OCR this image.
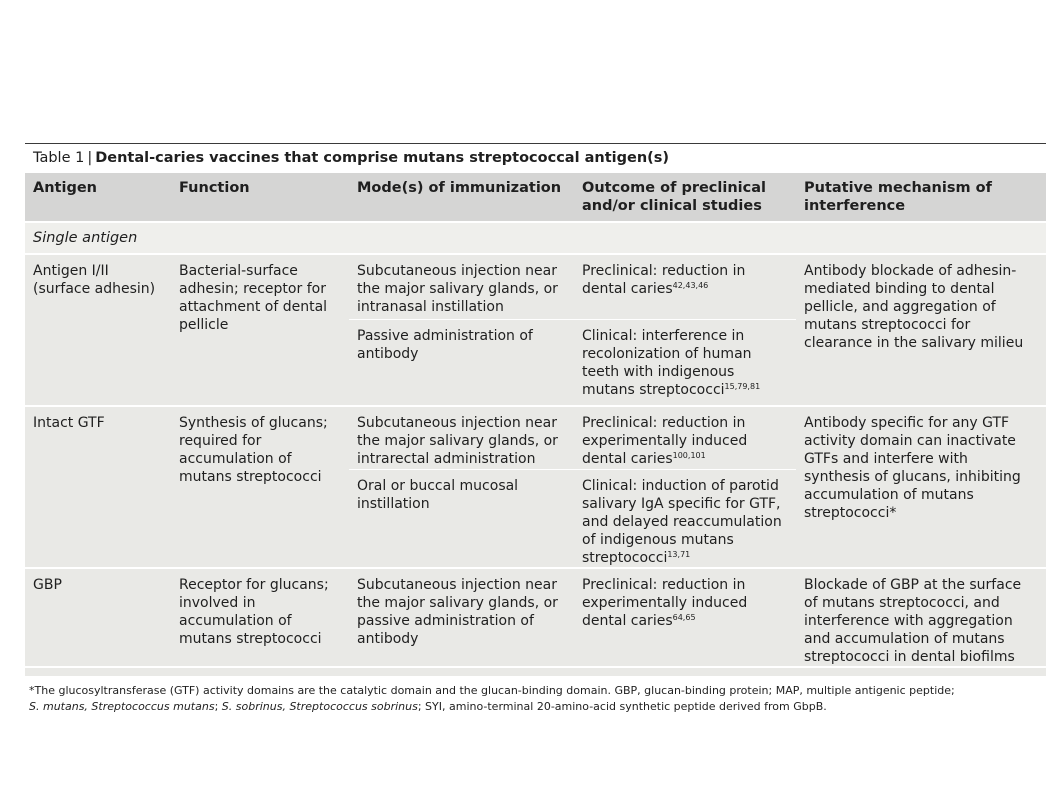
Table 1 | Dental-caries vaccines that comprise mutans streptococcal antigen(s)
Antigen	Function	Mode(s) of immunization	Outcome of preclinical and/or clinical studies	Putative mechanism of interference
Single antigen				

Antigen I/II (surface adhesin)	Bacterial-surface adhesin; receptor for attachment of dental pellicle	Subcutaneous injection near the major salivary glands, or intranasal instillation	Preclinical: reduction in dental caries$^{42,43,46}$	Antibody blockade of adhesin-mediated binding to dental pellicle, and aggregation of mutans streptococci for clearance in the salivary milieu

		Passive administration of antibody	Clinical: interference in recolonization of human teeth with indigenous mutans streptococci$^{15,79,81}$

Intact GTF	Synthesis of glucans; required for accumulation of mutans streptococci	Subcutaneous injection near the major salivary glands, or intrarectal administration	Preclinical: reduction in experimentally induced dental caries$^{100,101}$	Antibody specific for any GTF activity domain can inactivate GTFs and interfere with synthesis of glucans, inhibiting accumulation of mutans streptococci*

		Oral or buccal mucosal instillation	Clinical: induction of parotid salivary IgA specific for GTF, and delayed reaccumulation of indigenous mutans streptococci$^{13,71}$

GBP	Receptor for glucans; involved in accumulation of mutans streptococci	Subcutaneous injection near the major salivary glands, or passive administration of antibody	Preclinical: reduction in experimentally induced dental caries$^{64,65}$	Blockade of GBP at the surface of mutans streptococci, and interference with aggregation and accumulation of mutans streptococci in dental biofilms
*The glucosyltransferase (GTF) activity domains are the catalytic domain and the glucan-binding domain. GBP, glucan-binding protein; MAP, multiple antigenic peptide;
S. mutans, Streptococcus mutans; S. sobrinus, Streptococcus sobrinus; SYI, amino-terminal 20-amino-acid synthetic peptide derived from GbpB.
